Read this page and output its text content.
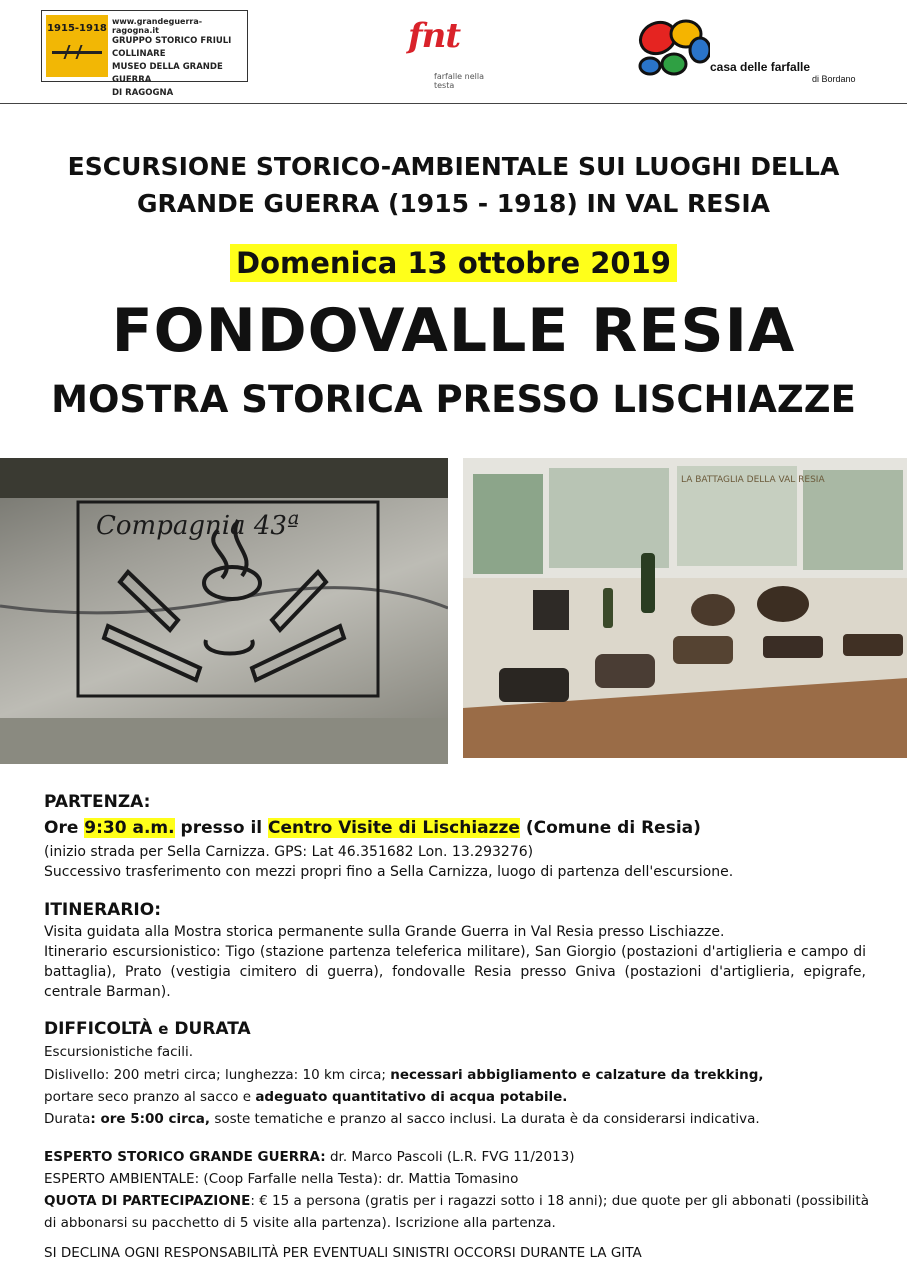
1915-1918
www.grandeguerra-ragogna.it
GRUPPO STORICO FRIULI COLLINARE
MUSEO DELLA GRANDE GUERRA
DI RAGOGNA
fnt
farfalle nella testa
casa delle farfalle
di Bordano
ESCURSIONE STORICO-AMBIENTALE SUI LUOGHI DELLA
GRANDE GUERRA (1915 - 1918) IN VAL RESIA
Domenica 13 ottobre 2019
FONDOVALLE RESIA
MOSTRA STORICA PRESSO LISCHIAZZE
Compagnia 43ª
LA BATTAGLIA DELLA VAL RESIA
PARTENZA:
Ore 9:30 a.m. presso il Centro Visite di Lischiazze (Comune di Resia)
(inizio strada per Sella Carnizza. GPS: Lat 46.351682 Lon. 13.293276)
Successivo trasferimento con mezzi propri fino a Sella Carnizza, luogo di partenza dell'escursione.
ITINERARIO:
Visita guidata alla Mostra storica permanente sulla Grande Guerra in Val Resia presso Lischiazze.
Itinerario escursionistico: Tigo (stazione partenza teleferica militare), San Giorgio (postazioni d'artiglieria e campo di battaglia), Prato (vestigia cimitero di guerra), fondovalle Resia presso Gniva (postazioni d'artiglieria, epigrafe, centrale Barman).
DIFFICOLTÀ e DURATA
Escursionistiche facili.
Dislivello: 200 metri circa; lunghezza: 10 km circa; necessari abbigliamento e calzature da trekking,
portare seco pranzo al sacco e adeguato quantitativo di acqua potabile.
Durata: ore 5:00 circa, soste tematiche e pranzo al sacco inclusi. La durata è da considerarsi indicativa.
ESPERTO STORICO GRANDE GUERRA: dr. Marco Pascoli (L.R. FVG 11/2013)
ESPERTO AMBIENTALE: (Coop Farfalle nella Testa): dr. Mattia Tomasino
QUOTA DI PARTECIPAZIONE: € 15 a persona (gratis per i ragazzi sotto i 18 anni); due quote per gli abbonati (possibilità di abbonarsi su pacchetto di 5 visite alla partenza). Iscrizione alla partenza.
SI DECLINA OGNI RESPONSABILITÀ PER EVENTUALI SINISTRI OCCORSI DURANTE LA GITA
